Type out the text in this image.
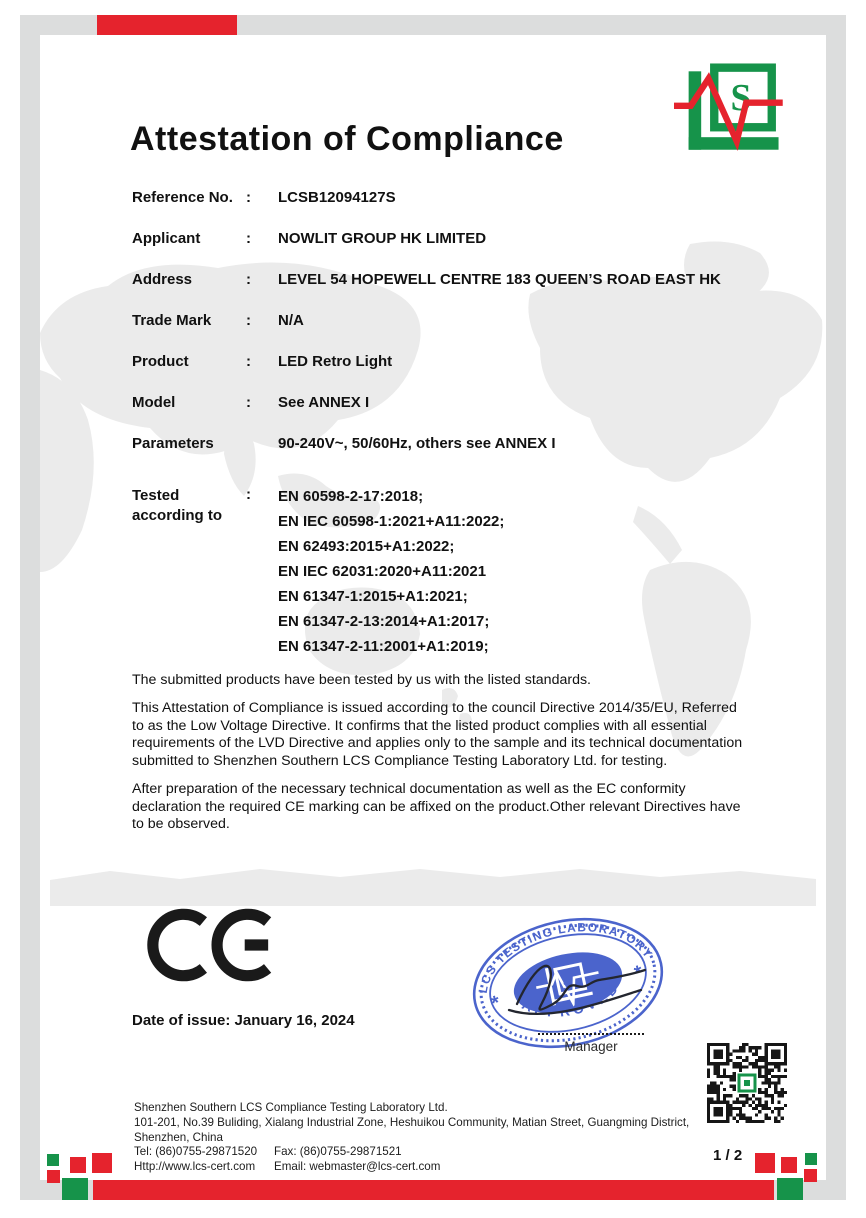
S
Attestation of Compliance
Reference No. :	LCSB12094127S
Applicant	:	NOWLIT GROUP HK LIMITED
Address	:	LEVEL 54 HOPEWELL CENTRE 183 QUEEN’S ROAD EAST HK
Trade Mark	:	N/A
Product	:	LED Retro Light
Model	:	See ANNEX I
Parameters	90-240V~, 50/60Hz, others see ANNEX I
Tested
according to
:	EN 60598-2-17:2018;
EN IEC 60598-1:2021+A11:2022;
EN 62493:2015+A1:2022;
EN IEC 62031:2020+A11:2021
EN 61347-1:2015+A1:2021;
EN 61347-2-13:2014+A1:2017;
EN 61347-2-11:2001+A1:2019;

The submitted products have been tested by us with the listed standards.

This Attestation of Compliance is issued according to the council Directive 2014/35/EU, Referred to as the Low Voltage Directive. It confirms that the listed product complies with all essential requirements of the LVD Directive and applies only to the sample and its technical documentation submitted to Shenzhen Southern LCS Compliance Testing Laboratory Ltd. for testing.

After preparation of the necessary technical documentation as well as the EC conformity declaration the required CE marking can be affixed on the product.Other relevant Directives have to be observed.

Date of issue: January 16, 2024
S
LCS TESTING LABORATORY
APPROVED
*
*
Manager
Shenzhen Southern LCS Compliance Testing Laboratory Ltd.
101-201, No.39 Buliding, Xialang Industrial Zone, Heshuikou Community, Matian Street, Guangming District,
Shenzhen, China
Tel: (86)0755-29871520	Fax: (86)0755-29871521
Http://www.lcs-cert.com	Email: webmaster@lcs-cert.com
1 / 2
